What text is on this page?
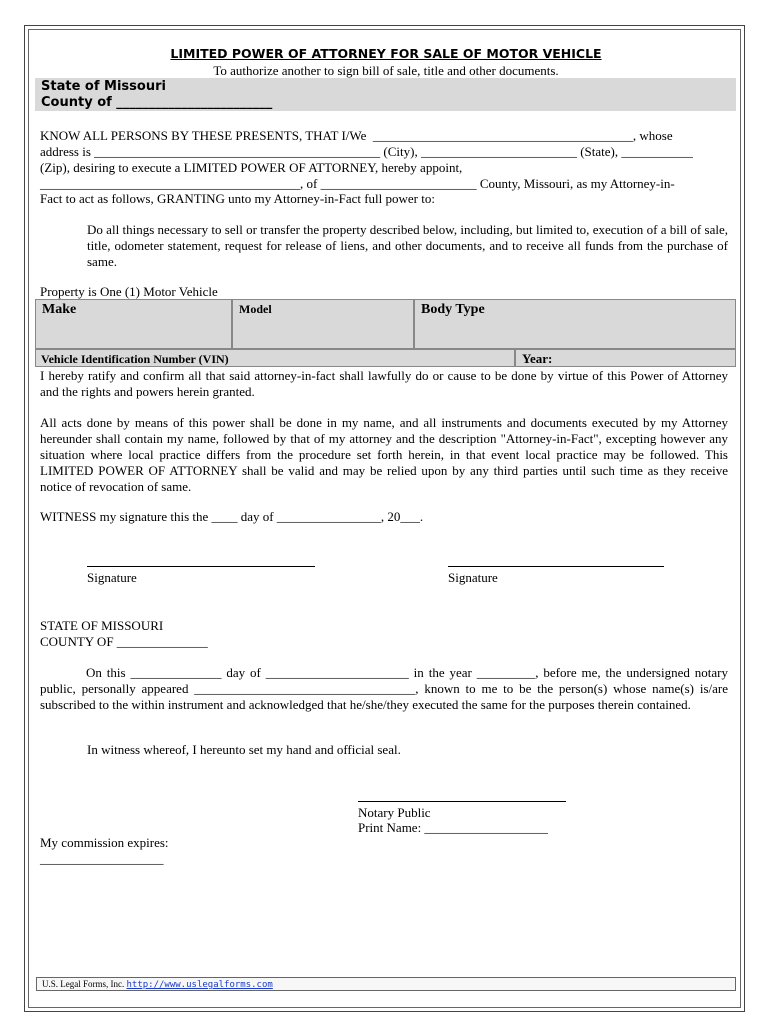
LIMITED POWER OF ATTORNEY FOR SALE OF MOTOR VEHICLE
To authorize another to sign bill of sale, title and other documents.
State of Missouri
County of ________________________
KNOW ALL PERSONS BY THESE PRESENTS, THAT I/We  ________________________________________, whose
address is ____________________________________________ (City), ________________________ (State), ___________
(Zip), desiring to execute a LIMITED POWER OF ATTORNEY, hereby appoint,
________________________________________, of ________________________ County, Missouri, as my Attorney-in-
Fact to act as follows, GRANTING unto my Attorney-in-Fact full power to:
Do all things necessary to sell or transfer the property described below, including, but limited to, execution of a bill of sale, title, odometer statement, request for release of liens, and other documents, and to receive all funds from the purchase of same.
Property is One (1) Motor Vehicle
Make	Model	Body Type
Vehicle Identification Number (VIN)	Year:
I hereby ratify and confirm all that said attorney-in-fact shall lawfully do or cause to be done by virtue of this Power of Attorney and the rights and powers herein granted.
All acts done by means of this power shall be done in my name, and all instruments and documents executed by my Attorney hereunder shall contain my name, followed by that of my attorney and the description "Attorney-in-Fact", excepting however any situation where local practice differs from the procedure set forth herein, in that event local practice may be followed. This LIMITED POWER OF ATTORNEY shall be valid and may be relied upon by any third parties until such time as they receive notice of revocation of same.
WITNESS my signature this the ____ day of ________________, 20___.
Signature	Signature
STATE OF MISSOURI
COUNTY OF ______________
On this ______________ day of ______________________ in the year _________, before me, the undersigned notary public, personally appeared __________________________________, known to me to be the person(s) whose name(s) is/are subscribed to the within instrument and acknowledged that he/she/they executed the same for the purposes therein contained.
In witness whereof, I hereunto set my hand and official seal.
Notary Public
Print Name: ___________________
My commission expires:
___________________
U.S. Legal Forms, Inc. http://www.uslegalforms.com
